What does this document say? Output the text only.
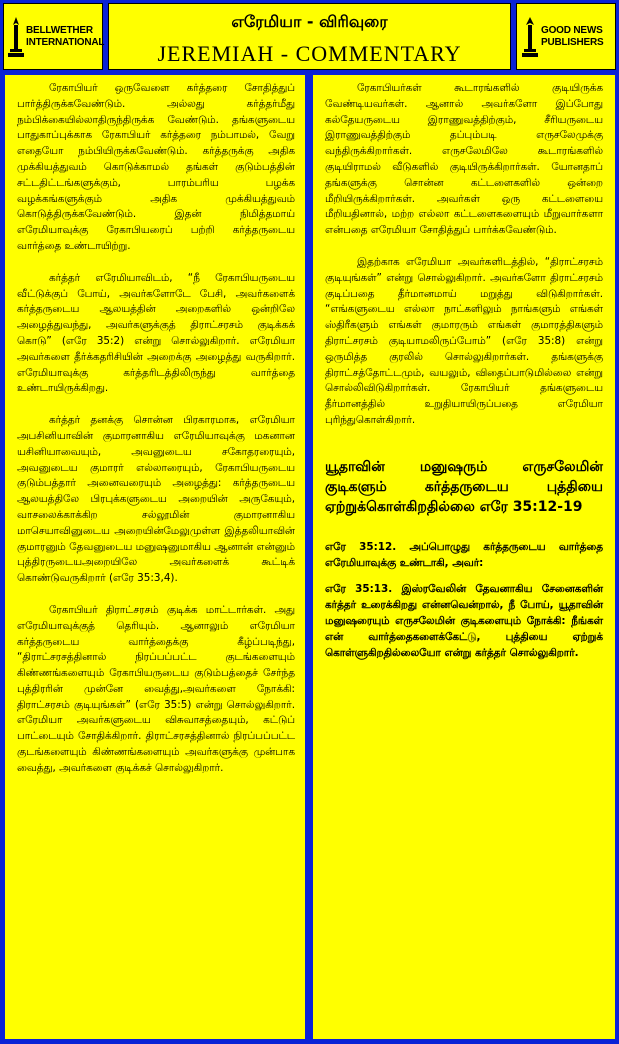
BELLWETHER INTERNATIONAL
எரேமியா - விரிவுரை
JEREMIAH - COMMENTARY
GOOD NEWS PUBLISHERS

ரேகாபியர் ஒருவேளை கர்த்தரை சோதித்துப் பார்த்திருக்கவேண்டும். அல்லது கர்த்தர்மீது நம்பிக்கையில்லாதிருந்திருக்க வேண்டும். தங்களுடைய பாதுகாப்புக்காக ரேகாபியர் கர்த்தரை நம்பாமல், வேறு எதையோ நம்பியிருக்கவேண்டும். கர்த்தருக்கு அதிக முக்கியத்துவம் கொடுக்காமல் தங்கள் குடும்பத்தின் சட்டதிட்டங்களுக்கும், பாரம்பரிய பழக்க வழக்கங்களுக்கும் அதிக முக்கியத்துவம் கொடுத்திருக்கவேண்டும். இதன் நிமித்தமாய் எரேமியாவுக்கு ரேகாபியரைப் பற்றி கர்த்தருடைய வார்த்தை உண்டாயிற்று.

கர்த்தர் எரேமியாவிடம், “நீ ரேகாபியருடைய வீட்டுக்குப் போய், அவர்களோடே பேசி, அவர்களைக் கர்த்தருடைய ஆலயத்தின் அறைகளில் ஒன்றிலே அழைத்துவந்து, அவர்களுக்குத் திராட்சரசம் குடிக்கக் கொடு” (எரே 35:2) என்று சொல்லுகிறார். எரேமியா அவர்களை தீர்க்கதரிசியின் அறைக்கு அழைத்து வருகிறார். எரேமியாவுக்கு கர்த்தரிடத்திலிருந்து வார்த்தை உண்டாயிருக்கிறது.

கர்த்தர் தனக்கு சொன்ன பிரகாரமாக, எரேமியா அபசினியாவின் குமாரனாகிய எரேமியாவுக்கு மகனான யசினியாவையும், அவனுடைய சகோதரரையும், அவனுடைய குமாரர் எல்லாரையும், ரேகாபியருடைய குடும்பத்தார் அனைவரையும் அழைத்து: கர்த்தருடைய ஆலயத்திலே பிரபுக்களுடைய அறையின் அருகேயும், வாசலைக்காக்கிற சல்லூமின் குமாரனாகிய மாசெயாவினுடைய அறையின்மேலுமுள்ள இத்தலியாவின் குமாரனும் தேவனுடைய மனுஷனுமாகிய ஆனான் என்னும் புத்திரருடையஅறையிலே அவர்களைக் கூட்டிக் கொண்டுவருகிறார் (எரே 35:3,4).

ரேகாபியர் திராட்சரசம் குடிக்க மாட்டார்கள். அது எரேமியாவுக்குத் தெரியும். ஆனாலும் எரேமியா கர்த்தருடைய வார்த்தைக்கு கீழ்ப்படிந்து, “திராட்சரசத்தினால் நிரப்பப்பட்ட குடங்களையும் கிண்ணங்களையும் ரேகாபியருடைய குடும்பத்தைச் சேர்ந்த புத்திரரின் முன்னே வைத்து,அவர்களை நோக்கி: திராட்சரசம் குடியுங்கள்” (எரே 35:5) என்று சொல்லுகிறார். எரேமியா அவர்களுடைய விசுவாசத்தையும், கட்டுப் பாட்டையும் சோதிக்கிறார். திராட்சரசத்தினால் நிரப்பப்பட்ட குடங்களையும் கிண்ணங்களையும் அவர்களுக்கு முன்பாக வைத்து, அவர்களை குடிக்கச் சொல்லுகிறார்.

ரேகாபியர்கள் கூடாரங்களில் குடியிருக்க வேண்டியவர்கள். ஆனால் அவர்களோ இப்போது கல்தேயருடைய இராணுவத்திற்கும், சீரியருடைய இராணுவத்திற்கும் தப்பும்படி எருசலேமுக்கு வந்திருக்கிறார்கள். எருசலேமிலே கூடாரங்களில் குடியிராமல் வீடுகளில் குடியிருக்கிறார்கள். யோனதாப் தங்களுக்கு சொன்ன கட்டளைகளில் ஒன்றை மீறியிருக்கிறார்கள். அவர்கள் ஒரு கட்டளையை மீறியதினால், மற்ற எல்லா கட்டளைகளையும் மீறுவார்களா என்பதை எரேமியா சோதித்துப் பார்க்கவேண்டும்.

இதற்காக எரேமியா அவர்களிடத்தில், “திராட்சரசம் குடியுங்கள்” என்று சொல்லுகிறார். அவர்களோ திராட்சரசம் குடிப்பதை தீர்மானமாய் மறுத்து விடுகிறார்கள். “எங்களுடைய எல்லா நாட்களிலும் நாங்களும் எங்கள் ஸ்திரீகளும் எங்கள் குமாரரும் எங்கள் குமாரத்திகளும் திராட்சரசம் குடியாமலிருப்போம்” (எரே 35:8) என்று ஒருமித்த குரலில் சொல்லுகிறார்கள். தங்களுக்கு திராட்சத்தோட்டமும், வயலும், விதைப்பாடுமில்லை என்று சொல்லிவிடுகிறார்கள். ரேகாபியர் தங்களுடைய தீர்மானத்தில் உறுதியாயிருப்பதை எரேமியா புரிந்துகொள்கிறார்.

யூதாவின் மனுஷரும் எருசலேமின் குடிகளும் கர்த்தருடைய புத்தியை ஏற்றுக்கொள்கிறதில்லை எரே 35:12-19

எரே 35:12. அப்பொழுது கர்த்தருடைய வார்த்தை எரேமியாவுக்கு உண்டாகி, அவர்:

எரே 35:13. இஸ்ரவேலின் தேவனாகிய சேனைகளின் கர்த்தர் உரைக்கிறது என்னவென்றால், நீ போய், யூதாவின் மனுஷரையும் எருசலேமின் குடிகளையும் நோக்கி: நீங்கள் என் வார்த்தைகளைக்கேட்டு, புத்தியை ஏற்றுக் கொள்ளுகிறதில்லையோ என்று கர்த்தர் சொல்லுகிறார்.
